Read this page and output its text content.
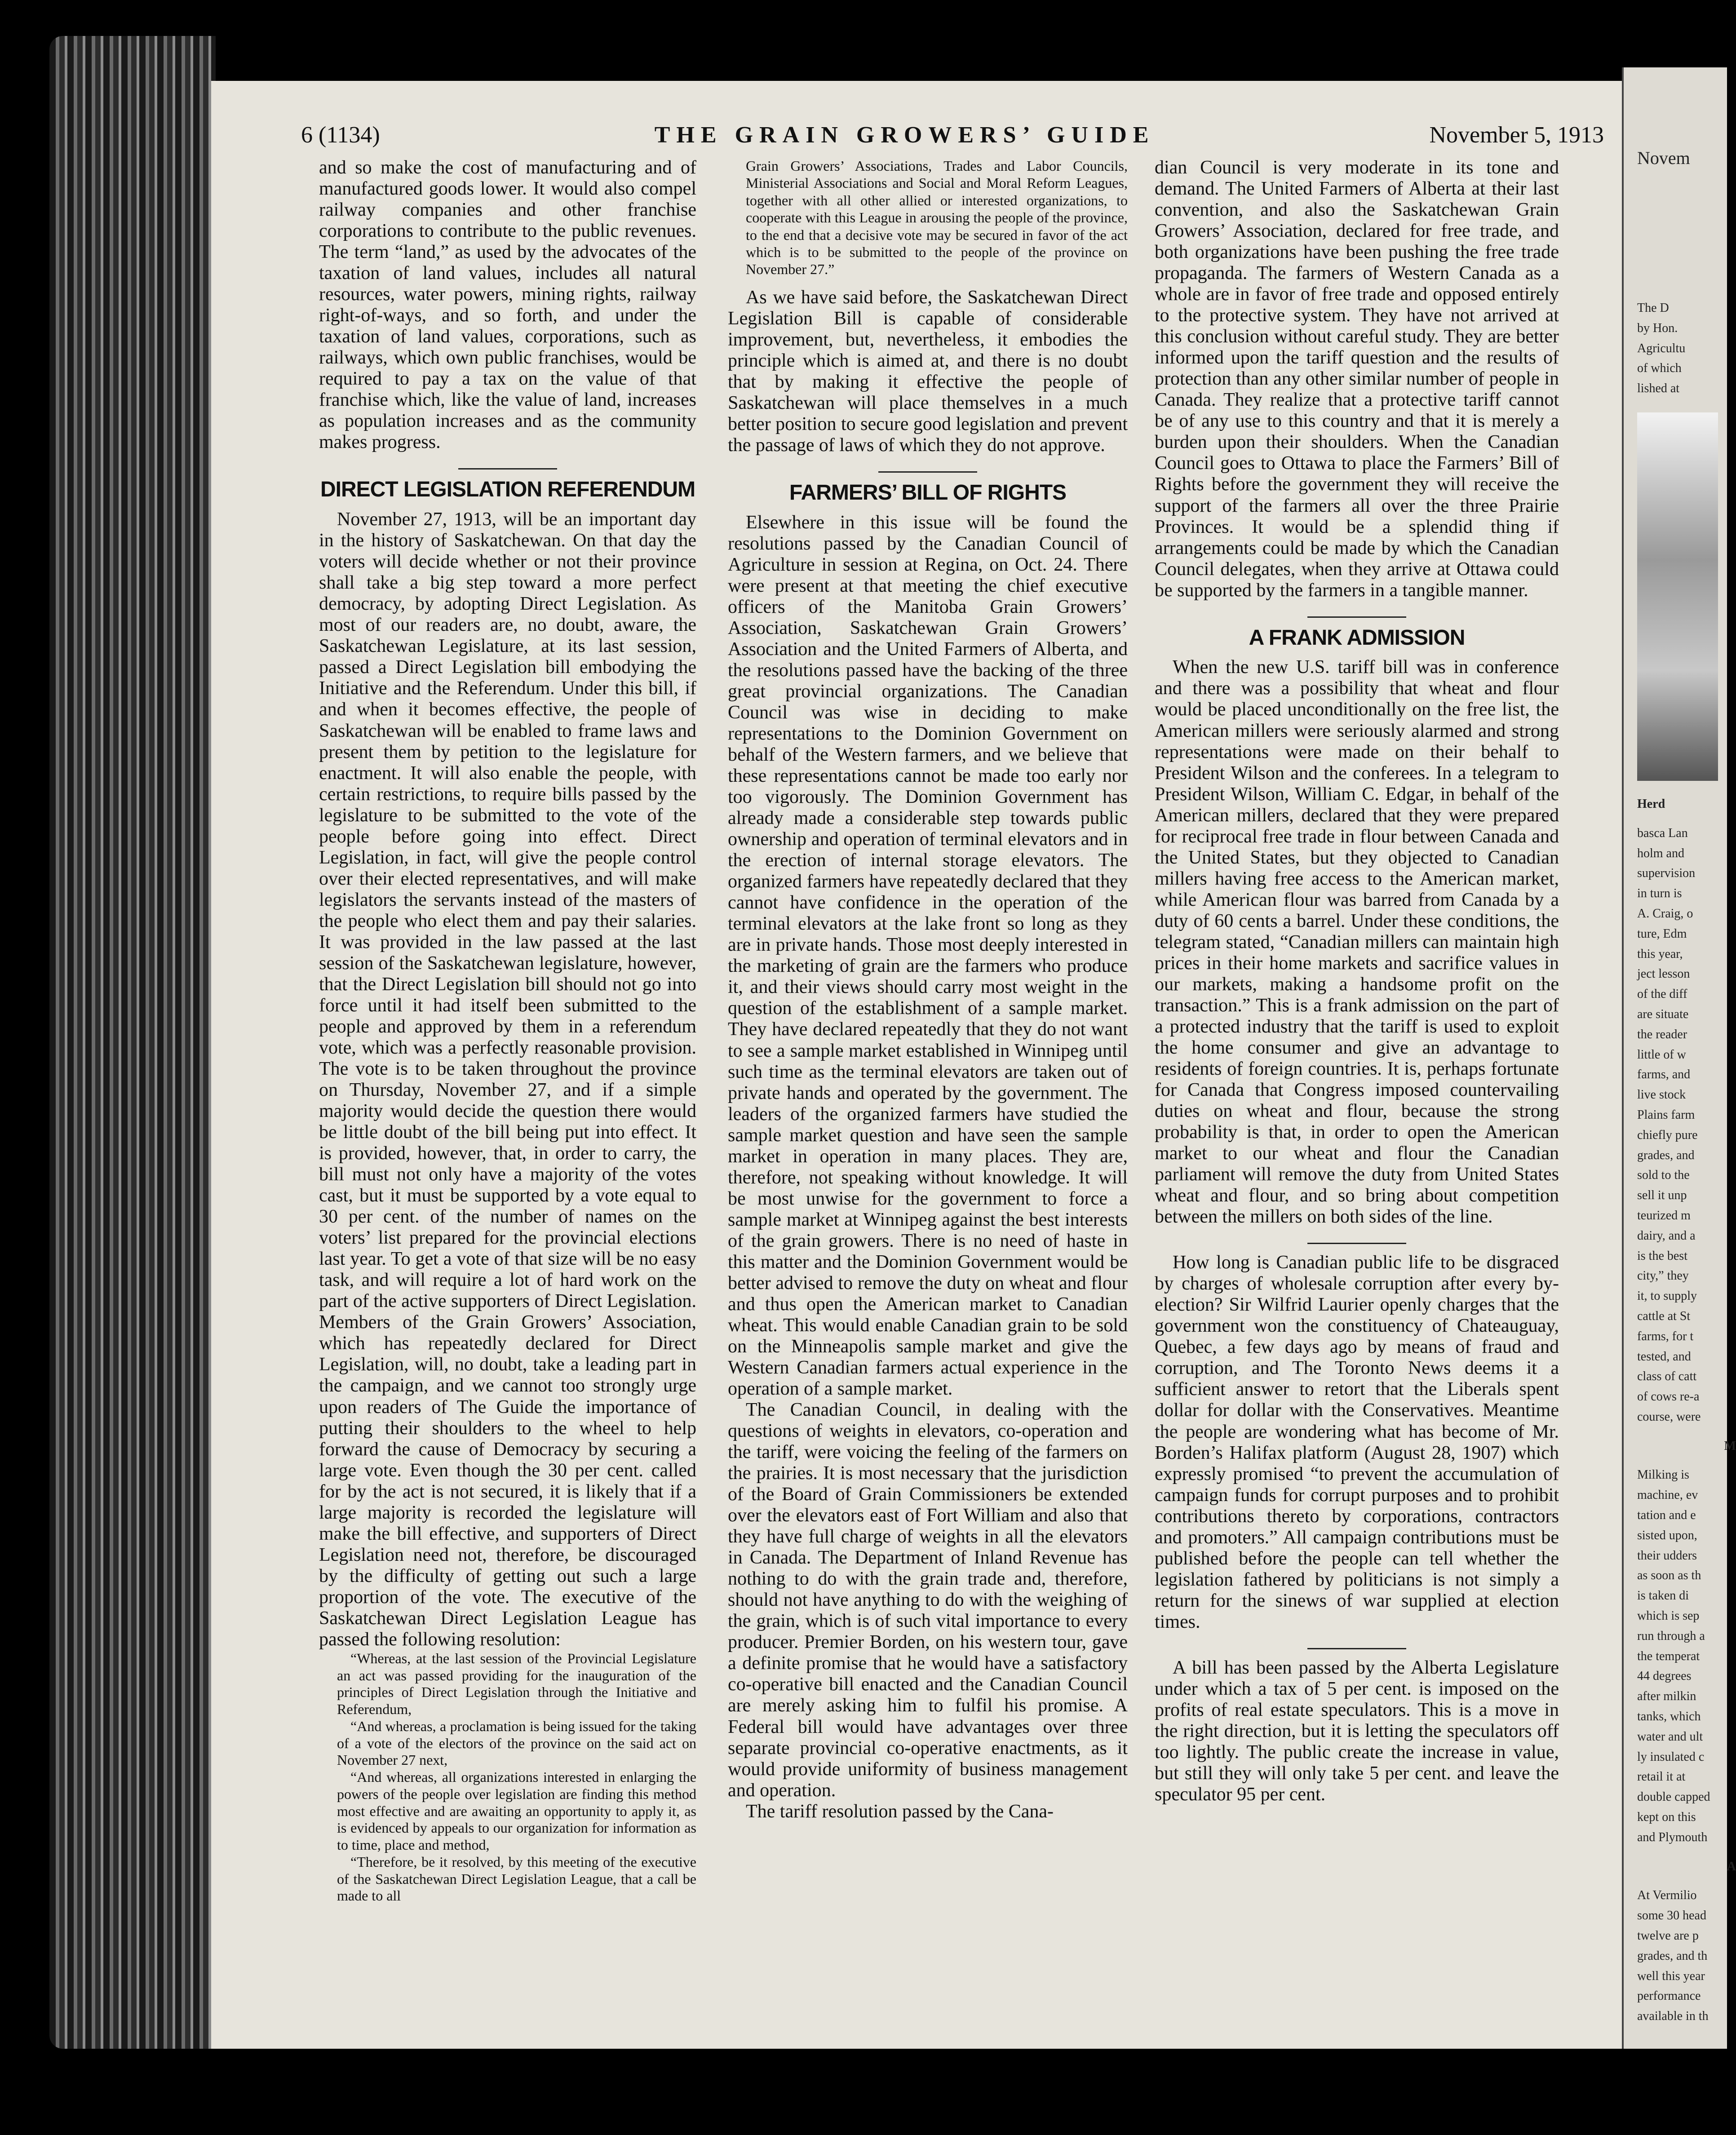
6 (1134)	THE GRAIN GROWERS’ GUIDE	November 5, 1913

and so make the cost of manufacturing and of manufactured goods lower. It would also compel railway companies and other franchise corporations to contribute to the public revenues. The term “land,” as used by the advocates of the taxation of land values, includes all natural resources, water powers, mining rights, railway right-of-ways, and so forth, and under the taxation of land values, corporations, such as railways, which own public franchises, would be required to pay a tax on the value of that franchise which, like the value of land, increases as population increases and as the community makes progress.

DIRECT LEGISLATION REFERENDUM

November 27, 1913, will be an important day in the history of Saskatchewan. On that day the voters will decide whether or not their province shall take a big step toward a more perfect democracy, by adopting Direct Legislation. As most of our readers are, no doubt, aware, the Saskatchewan Legislature, at its last session, passed a Direct Legislation bill embodying the Initiative and the Referendum. Under this bill, if and when it becomes effective, the people of Saskatchewan will be enabled to frame laws and present them by petition to the legislature for enactment. It will also enable the people, with certain restrictions, to require bills passed by the legislature to be submitted to the vote of the people before going into effect. Direct Legislation, in fact, will give the people control over their elected representatives, and will make legislators the servants instead of the masters of the people who elect them and pay their salaries. It was provided in the law passed at the last session of the Saskatchewan legislature, however, that the Direct Legislation bill should not go into force until it had itself been submitted to the people and approved by them in a referendum vote, which was a perfectly reasonable provision. The vote is to be taken throughout the province on Thursday, November 27, and if a simple majority would decide the question there would be little doubt of the bill being put into effect. It is provided, however, that, in order to carry, the bill must not only have a majority of the votes cast, but it must be supported by a vote equal to 30 per cent. of the number of names on the voters’ list prepared for the provincial elections last year. To get a vote of that size will be no easy task, and will require a lot of hard work on the part of the active supporters of Direct Legislation. Members of the Grain Growers’ Association, which has repeatedly declared for Direct Legislation, will, no doubt, take a leading part in the campaign, and we cannot too strongly urge upon readers of The Guide the importance of putting their shoulders to the wheel to help forward the cause of Democracy by securing a large vote. Even though the 30 per cent. called for by the act is not secured, it is likely that if a large majority is recorded the legislature will make the bill effective, and supporters of Direct Legislation need not, therefore, be discouraged by the difficulty of getting out such a large proportion of the vote. The executive of the Saskatchewan Direct Legislation League has passed the following resolution:

“Whereas, at the last session of the Provincial Legislature an act was passed providing for the inauguration of the principles of Direct Legislation through the Initiative and Referendum,

“And whereas, a proclamation is being issued for the taking of a vote of the electors of the province on the said act on November 27 next,

“And whereas, all organizations interested in enlarging the powers of the people over legislation are finding this method most effective and are awaiting an opportunity to apply it, as is evidenced by appeals to our organization for information as to time, place and method,

“Therefore, be it resolved, by this meeting of the executive of the Saskatchewan Direct Legislation League, that a call be made to all

Grain Growers’ Associations, Trades and Labor Councils, Ministerial Associations and Social and Moral Reform Leagues, together with all other allied or interested organizations, to cooperate with this League in arousing the people of the province, to the end that a decisive vote may be secured in favor of the act which is to be submitted to the people of the province on November 27.”

As we have said before, the Saskatchewan Direct Legislation Bill is capable of considerable improvement, but, nevertheless, it embodies the principle which is aimed at, and there is no doubt that by making it effective the people of Saskatchewan will place themselves in a much better position to secure good legislation and prevent the passage of laws of which they do not approve.

FARMERS’ BILL OF RIGHTS

Elsewhere in this issue will be found the resolutions passed by the Canadian Council of Agriculture in session at Regina, on Oct. 24. There were present at that meeting the chief executive officers of the Manitoba Grain Growers’ Association, Saskatchewan Grain Growers’ Association and the United Farmers of Alberta, and the resolutions passed have the backing of the three great provincial organizations. The Canadian Council was wise in deciding to make representations to the Dominion Government on behalf of the Western farmers, and we believe that these representations cannot be made too early nor too vigorously. The Dominion Government has already made a considerable step towards public ownership and operation of terminal elevators and in the erection of internal storage elevators. The organized farmers have repeatedly declared that they cannot have confidence in the operation of the terminal elevators at the lake front so long as they are in private hands. Those most deeply interested in the marketing of grain are the farmers who produce it, and their views should carry most weight in the question of the establishment of a sample market. They have declared repeatedly that they do not want to see a sample market established in Winnipeg until such time as the terminal elevators are taken out of private hands and operated by the government. The leaders of the organized farmers have studied the sample market question and have seen the sample market in operation in many places. They are, therefore, not speaking without knowledge. It will be most unwise for the government to force a sample market at Winnipeg against the best interests of the grain growers. There is no need of haste in this matter and the Dominion Government would be better advised to remove the duty on wheat and flour and thus open the American market to Canadian wheat. This would enable Canadian grain to be sold on the Minneapolis sample market and give the Western Canadian farmers actual experience in the operation of a sample market.

The Canadian Council, in dealing with the questions of weights in elevators, co-operation and the tariff, were voicing the feeling of the farmers on the prairies. It is most necessary that the jurisdiction of the Board of Grain Commissioners be extended over the elevators east of Fort William and also that they have full charge of weights in all the elevators in Canada. The Department of Inland Revenue has nothing to do with the grain trade and, therefore, should not have anything to do with the weighing of the grain, which is of such vital importance to every producer. Premier Borden, on his western tour, gave a definite promise that he would have a satisfactory co-operative bill enacted and the Canadian Council are merely asking him to fulfil his promise. A Federal bill would have advantages over three separate provincial co-operative enactments, as it would provide uniformity of business management and operation.

The tariff resolution passed by the Cana-

dian Council is very moderate in its tone and demand. The United Farmers of Alberta at their last convention, and also the Saskatchewan Grain Growers’ Association, declared for free trade, and both organizations have been pushing the free trade propaganda. The farmers of Western Canada as a whole are in favor of free trade and opposed entirely to the protective system. They have not arrived at this conclusion without careful study. They are better informed upon the tariff question and the results of protection than any other similar number of people in Canada. They realize that a protective tariff cannot be of any use to this country and that it is merely a burden upon their shoulders. When the Canadian Council goes to Ottawa to place the Farmers’ Bill of Rights before the government they will receive the support of the farmers all over the three Prairie Provinces. It would be a splendid thing if arrangements could be made by which the Canadian Council delegates, when they arrive at Ottawa could be supported by the farmers in a tangible manner.

A FRANK ADMISSION

When the new U.S. tariff bill was in conference and there was a possibility that wheat and flour would be placed unconditionally on the free list, the American millers were seriously alarmed and strong representations were made on their behalf to President Wilson and the conferees. In a telegram to President Wilson, William C. Edgar, in behalf of the American millers, declared that they were prepared for reciprocal free trade in flour between Canada and the United States, but they objected to Canadian millers having free access to the American market, while American flour was barred from Canada by a duty of 60 cents a barrel. Under these conditions, the telegram stated, “Canadian millers can maintain high prices in their home markets and sacrifice values in our markets, making a handsome profit on the transaction.” This is a frank admission on the part of a protected industry that the tariff is used to exploit the home consumer and give an advantage to residents of foreign countries. It is, perhaps fortunate for Canada that Congress imposed countervailing duties on wheat and flour, because the strong probability is that, in order to open the American market to our wheat and flour the Canadian parliament will remove the duty from United States wheat and flour, and so bring about competition between the millers on both sides of the line.

How long is Canadian public life to be disgraced by charges of wholesale corruption after every by-election? Sir Wilfrid Laurier openly charges that the government won the constituency of Chateauguay, Quebec, a few days ago by means of fraud and corruption, and The Toronto News deems it a sufficient answer to retort that the Liberals spent dollar for dollar with the Conservatives. Meantime the people are wondering what has become of Mr. Borden’s Halifax platform (August 28, 1907) which expressly promised “to prevent the accumulation of campaign funds for corrupt purposes and to prohibit contributions thereto by corporations, contractors and promoters.” All campaign contributions must be published before the people can tell whether the legislation fathered by politicians is not simply a return for the sinews of war supplied at election times.

A bill has been passed by the Alberta Legislature under which a tax of 5 per cent. is imposed on the profits of real estate speculators. This is a move in the right direction, but it is letting the speculators off too lightly. The public create the increase in value, but still they will only take 5 per cent. and leave the speculator 95 per cent.

Novem
The D
by Hon.
Agricultu
of which
lished at
Herd
basca Lan
holm and
supervision
in turn is
A. Craig, o
ture, Edm
this year,
ject lesson
of the diff
are situate
the reader
little of w
farms, and
live stock
Plains farm
chiefly pure
grades, and
sold to the
sell it unp
teurized m
dairy, and a
is the best
city,” they
it, to supply
cattle at St
farms, for t
tested, and
class of catt
of cows re-a
course, were
M
Milking is
machine, ev
tation and e
sisted upon,
their udders
as soon as th
is taken di
which is sep
run through a
the temperat
44 degrees
after milkin
tanks, which
water and ult
ly insulated c
retail it at
double capped
kept on this
and Plymouth
A
At Vermilio
some 30 head
twelve are p
grades, and th
well this year
performance
available in th
